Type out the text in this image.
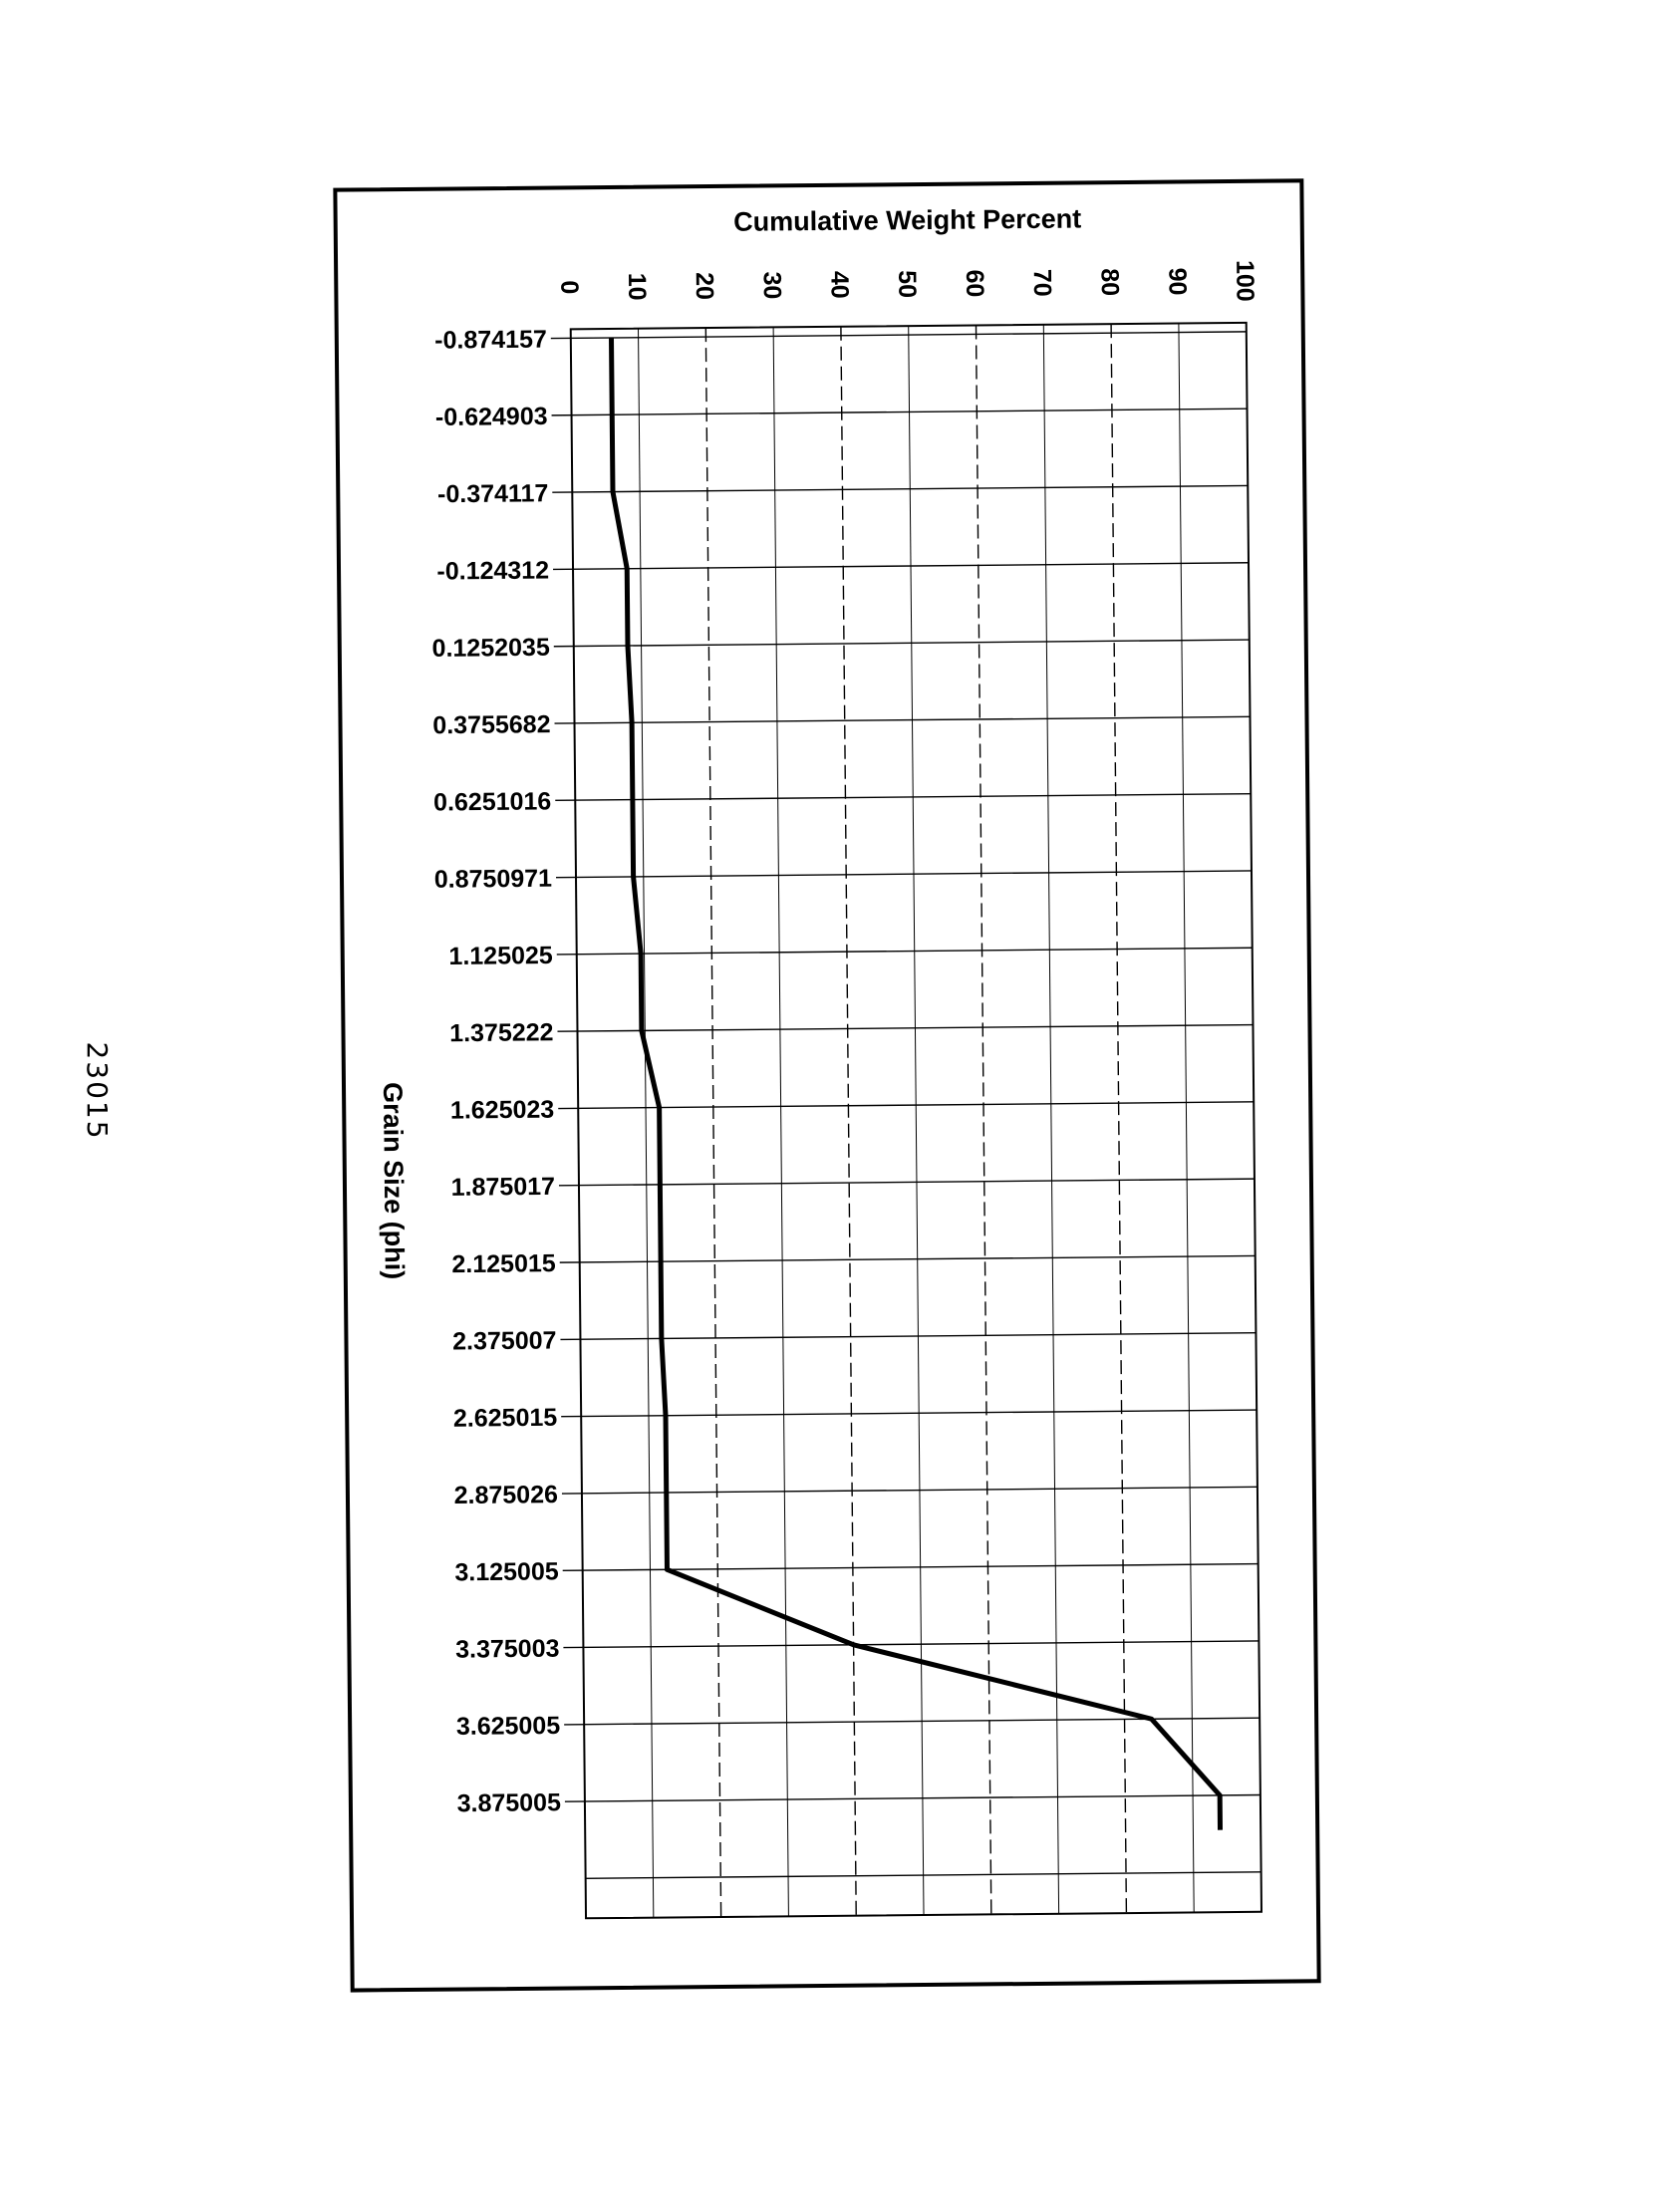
23015
0 10 20 30 40 50 60 70 80 90 100
-0.874157
-0.624903
-0.374117
-0.124312
0.1252035
0.3755682
0.6251016
0.8750971
1.125025
1.375222
1.625023
1.875017
2.125015
2.375007
2.625015
2.875026
3.125005
3.375003
3.625005
3.875005
Cumulative Weight Percent
Grain Size (phi)
